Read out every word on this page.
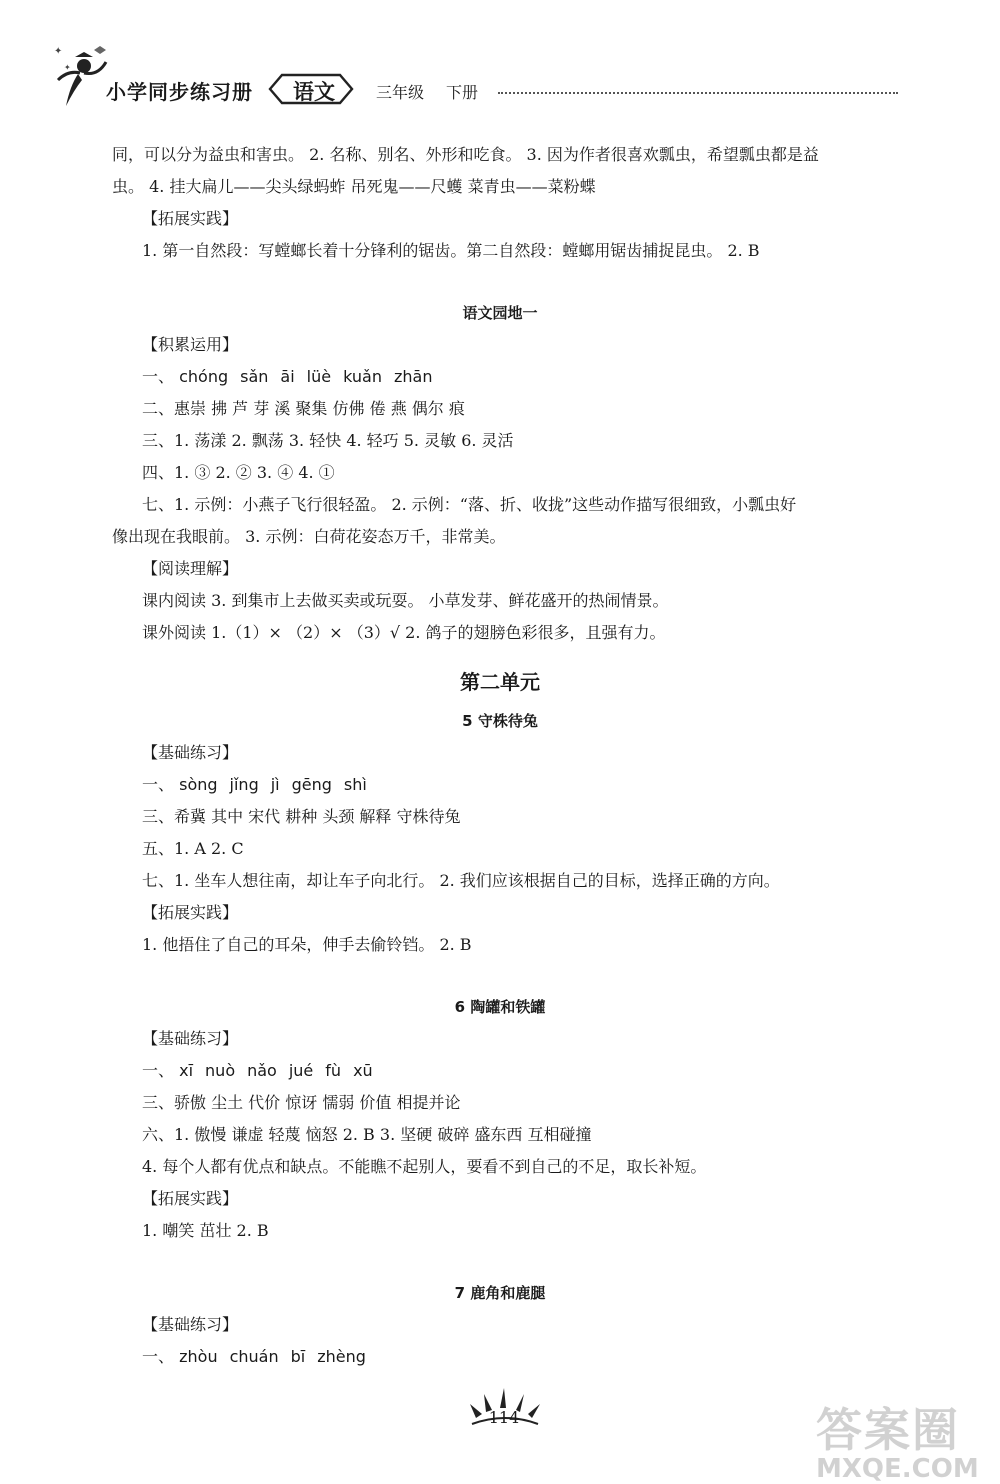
✦
✦
小学同步练习册 语文	三年级 下册
同，可以分为益虫和害虫。 2. 名称、别名、外形和吃食。 3. 因为作者很喜欢瓢虫，希望瓢虫都是益
虫。 4. 挂大扁儿——尖头绿蚂蚱 吊死鬼——尺蠖 菜青虫——菜粉蝶
【拓展实践】
1. 第一自然段：写螳螂长着十分锋利的锯齿。第二自然段：螳螂用锯齿捕捉昆虫。 2. B
语文园地一
【积累运用】
一、 chóng sǎn āi lüè kuǎn zhān
二、惠崇 拂 芦 芽 溪 聚集 仿佛 倦 燕 偶尔 痕
三、1. 荡漾 2. 飘荡 3. 轻快 4. 轻巧 5. 灵敏 6. 灵活
四、1. ③ 2. ② 3. ④ 4. ①
七、1. 示例：小燕子飞行很轻盈。 2. 示例：“落、折、收拢”这些动作描写很细致，小瓢虫好
像出现在我眼前。 3. 示例：白荷花姿态万千，非常美。
【阅读理解】
课内阅读 3. 到集市上去做买卖或玩耍。 小草发芽、鲜花盛开的热闹情景。
课外阅读 1.（1）× （2）× （3）√ 2. 鸽子的翅膀色彩很多，且强有力。
第二单元
5 守株待兔
【基础练习】
一、 sòng jǐng jì gēng shì
三、希冀 其中 宋代 耕种 头颈 解释 守株待兔
五、1. A 2. C
七、1. 坐车人想往南，却让车子向北行。 2. 我们应该根据自己的目标，选择正确的方向。
【拓展实践】
1. 他捂住了自己的耳朵，伸手去偷铃铛。 2. B
6 陶罐和铁罐
【基础练习】
一、 xī nuò nǎo jué fù xū
三、骄傲 尘土 代价 惊讶 懦弱 价值 相提并论
六、1. 傲慢 谦虚 轻蔑 恼怒 2. B 3. 坚硬 破碎 盛东西 互相碰撞
4. 每个人都有优点和缺点。不能瞧不起别人，要看不到自己的不足，取长补短。
【拓展实践】
1. 嘲笑 茁壮 2. B
7 鹿角和鹿腿
【基础练习】
一、 zhòu chuán bī zhèng
114	答案圈
MXQE.COM
